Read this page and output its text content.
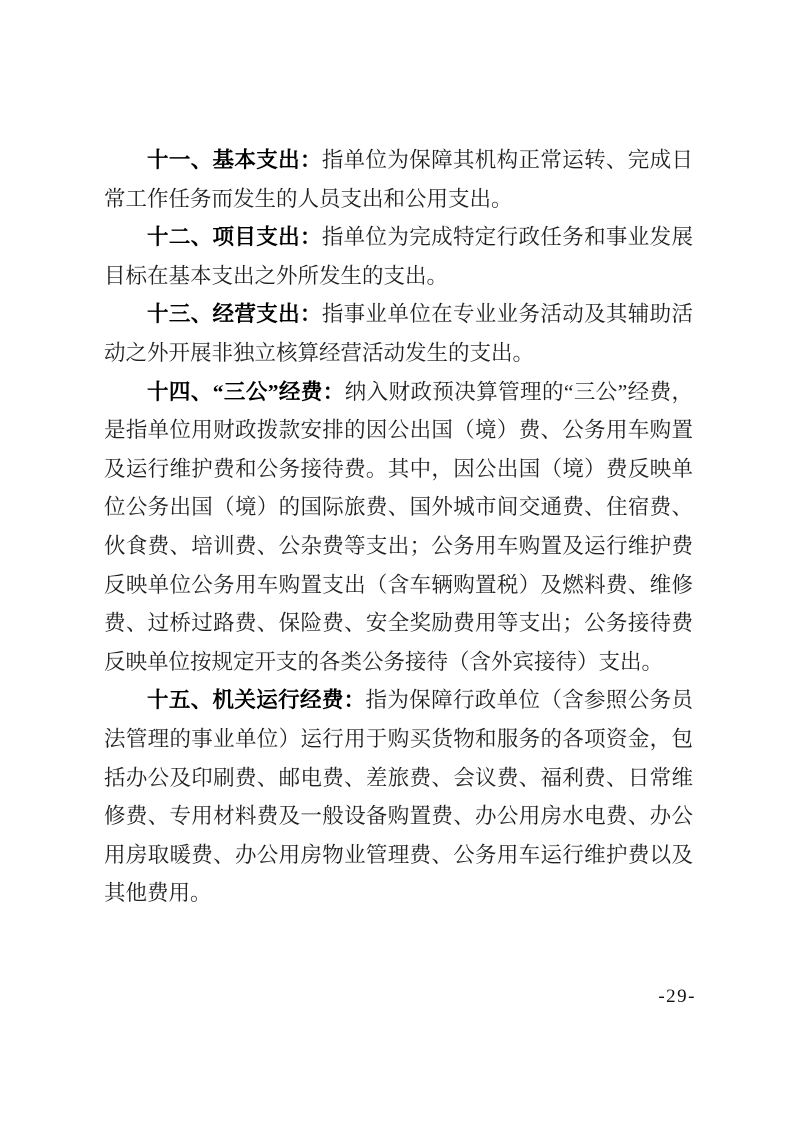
十一、基本支出：指单位为保障其机构正常运转、完成日常工作任务而发生的人员支出和公用支出。

十二、项目支出：指单位为完成特定行政任务和事业发展目标在基本支出之外所发生的支出。

十三、经营支出：指事业单位在专业业务活动及其辅助活动之外开展非独立核算经营活动发生的支出。

十四、“三公”经费：纳入财政预决算管理的“三公”经费，是指单位用财政拨款安排的因公出国（境）费、公务用车购置及运行维护费和公务接待费。其中，因公出国（境）费反映单位公务出国（境）的国际旅费、国外城市间交通费、住宿费、伙食费、培训费、公杂费等支出；公务用车购置及运行维护费反映单位公务用车购置支出（含车辆购置税）及燃料费、维修费、过桥过路费、保险费、安全奖励费用等支出；公务接待费反映单位按规定开支的各类公务接待（含外宾接待）支出。

十五、机关运行经费：指为保障行政单位（含参照公务员法管理的事业单位）运行用于购买货物和服务的各项资金，包括办公及印刷费、邮电费、差旅费、会议费、福利费、日常维修费、专用材料费及一般设备购置费、办公用房水电费、办公用房取暖费、办公用房物业管理费、公务用车运行维护费以及其他费用。

-29-
